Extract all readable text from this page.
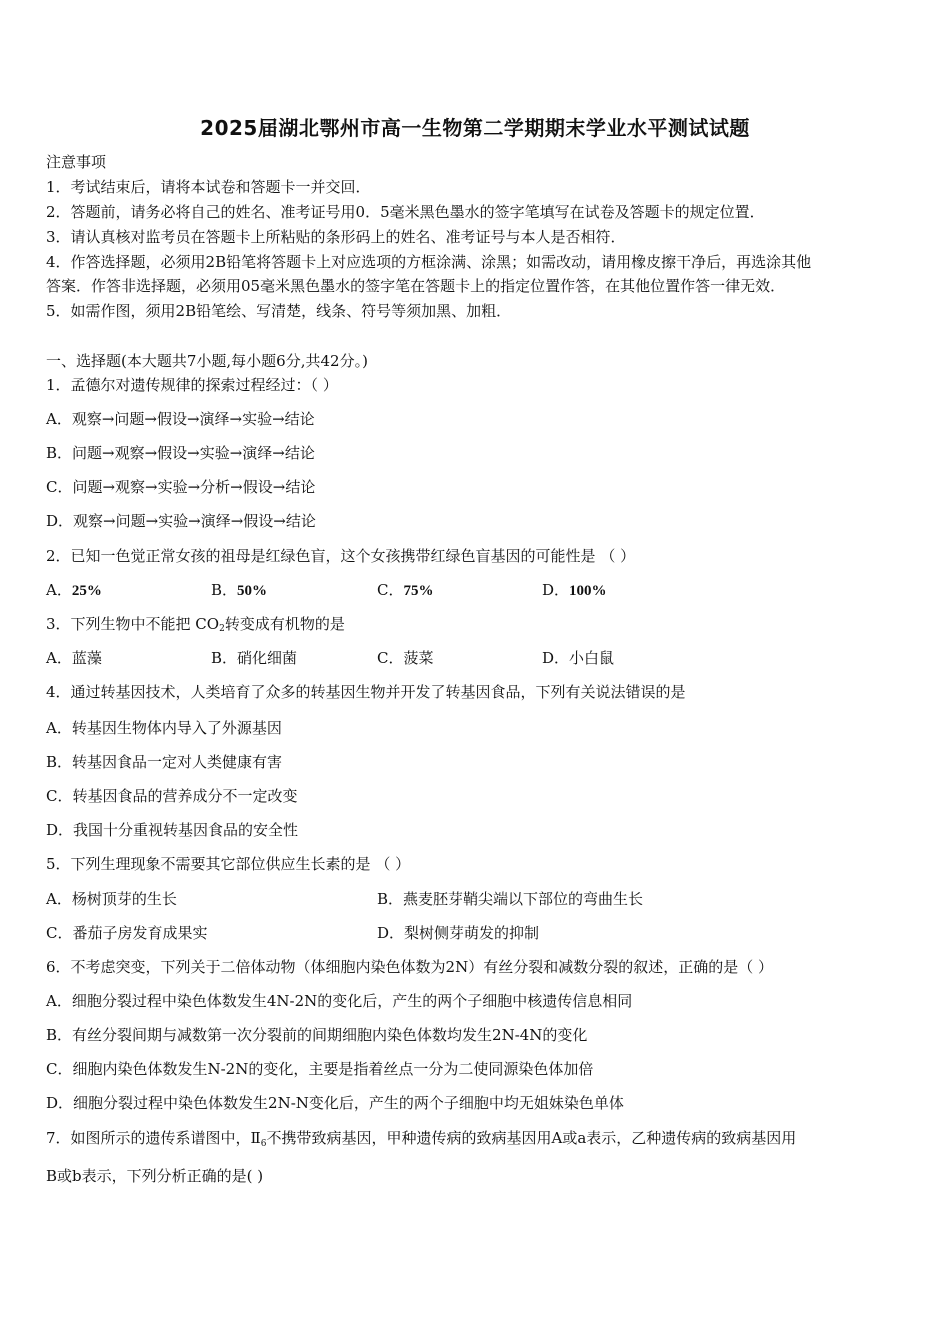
2025届湖北鄂州市高一生物第二学期期末学业水平测试试题
注意事项
1．考试结束后，请将本试卷和答题卡一并交回．
2．答题前，请务必将自己的姓名、准考证号用0．5毫米黑色墨水的签字笔填写在试卷及答题卡的规定位置．
3．请认真核对监考员在答题卡上所粘贴的条形码上的姓名、准考证号与本人是否相符．
4．作答选择题，必须用2B铅笔将答题卡上对应选项的方框涂满、涂黑；如需改动，请用橡皮擦干净后，再选涂其他
答案．作答非选择题，必须用05毫米黑色墨水的签字笔在答题卡上的指定位置作答，在其他位置作答一律无效．
5．如需作图，须用2B铅笔绘、写清楚，线条、符号等须加黑、加粗．
一、选择题(本大题共7小题,每小题6分,共42分。)
1．孟德尔对遗传规律的探索过程经过：（ ）
A．观察→问题→假设→演绎→实验→结论
B．问题→观察→假设→实验→演绎→结论
C．问题→观察→实验→分析→假设→结论
D．观察→问题→实验→演绎→假设→结论
2．已知一色觉正常女孩的祖母是红绿色盲，这个女孩携带红绿色盲基因的可能性是 （ ）
A．25%	B．50%	C．75%	D．100%
3．下列生物中不能把 $CO_2$转变成有机物的是
A．蓝藻	B．硝化细菌	C．菠菜	D．小白鼠
4．通过转基因技术，人类培育了众多的转基因生物并开发了转基因食品，下列有关说法错误的是
A．转基因生物体内导入了外源基因
B．转基因食品一定对人类健康有害
C．转基因食品的营养成分不一定改变
D．我国十分重视转基因食品的安全性
5．下列生理现象不需要其它部位供应生长素的是 （ ）
A．杨树顶芽的生长	B．燕麦胚芽鞘尖端以下部位的弯曲生长
C．番茄子房发育成果实	D．梨树侧芽萌发的抑制
6．不考虑突变，下列关于二倍体动物（体细胞内染色体数为2N）有丝分裂和减数分裂的叙述，正确的是（ ）
A．细胞分裂过程中染色体数发生4N-2N的变化后，产生的两个子细胞中核遗传信息相同
B．有丝分裂间期与减数第一次分裂前的间期细胞内染色体数均发生2N-4N的变化
C．细胞内染色体数发生N-2N的变化，主要是指着丝点一分为二使同源染色体加倍
D．细胞分裂过程中染色体数发生2N-N变化后，产生的两个子细胞中均无姐妹染色单体
7．如图所示的遗传系谱图中，$Ⅱ_6$不携带致病基因，甲种遗传病的致病基因用A或a表示，乙种遗传病的致病基因用
B或b表示，下列分析正确的是( )
